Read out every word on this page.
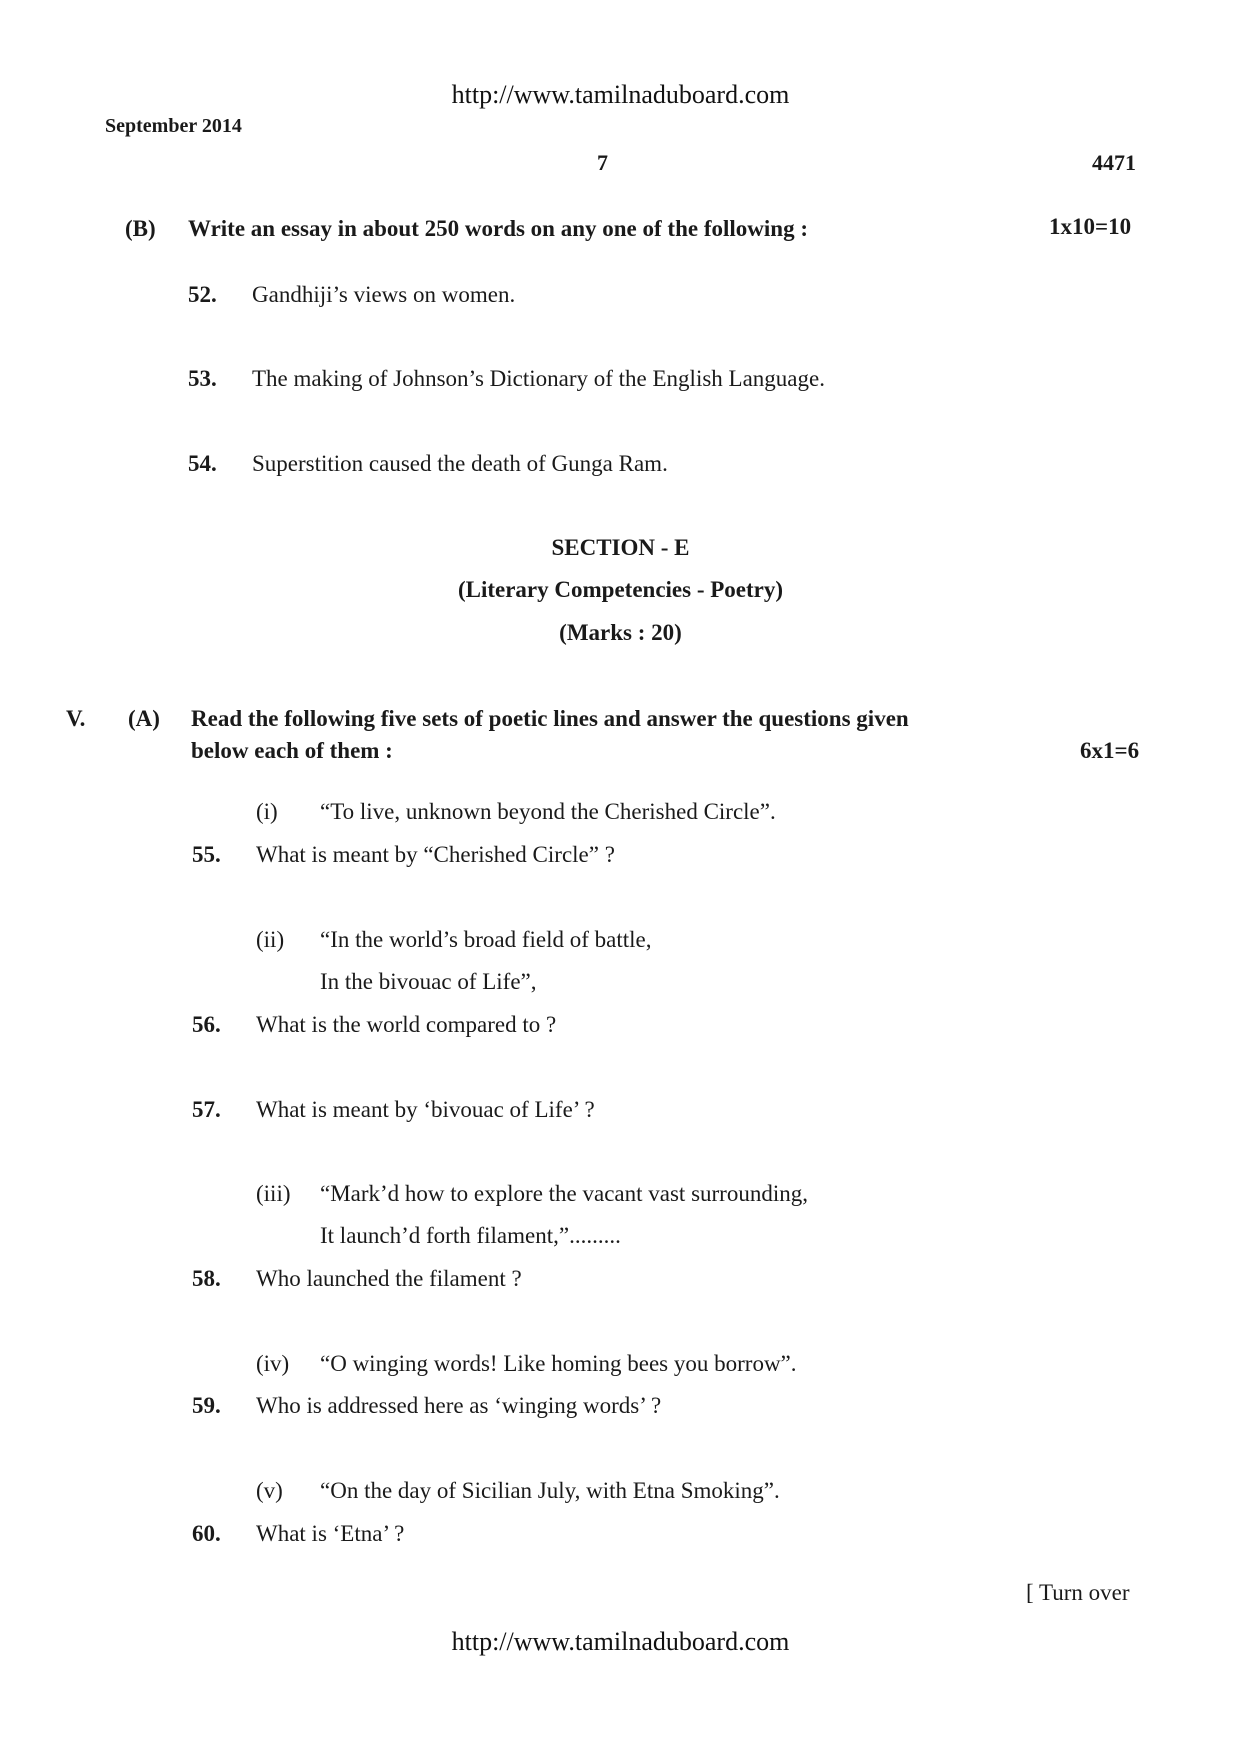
http://www.tamilnaduboard.com
September 2014
7	4471
(B) Write an essay in about 250 words on any one of the following :	1x10=10
52. Gandhiji’s views on women.
53. The making of Johnson’s Dictionary of the English Language.
54. Superstition caused the death of Gunga Ram.
SECTION - E
(Literary Competencies - Poetry)
(Marks : 20)
V. (A) Read the following five sets of poetic lines and answer the questions given
below each of them :	6x1=6
(i) “To live, unknown beyond the Cherished Circle”.
55. What is meant by “Cherished Circle” ?
(ii) “In the world’s broad field of battle,
In the bivouac of Life”,
56. What is the world compared to ?
57. What is meant by ‘bivouac of Life’ ?
(iii) “Mark’d how to explore the vacant vast surrounding,
It launch’d forth filament,”.........
58. Who launched the filament ?
(iv) “O winging words! Like homing bees you borrow”.
59. Who is addressed here as ‘winging words’ ?
(v) “On the day of Sicilian July, with Etna Smoking”.
60. What is ‘Etna’ ?
[ Turn over
http://www.tamilnaduboard.com
